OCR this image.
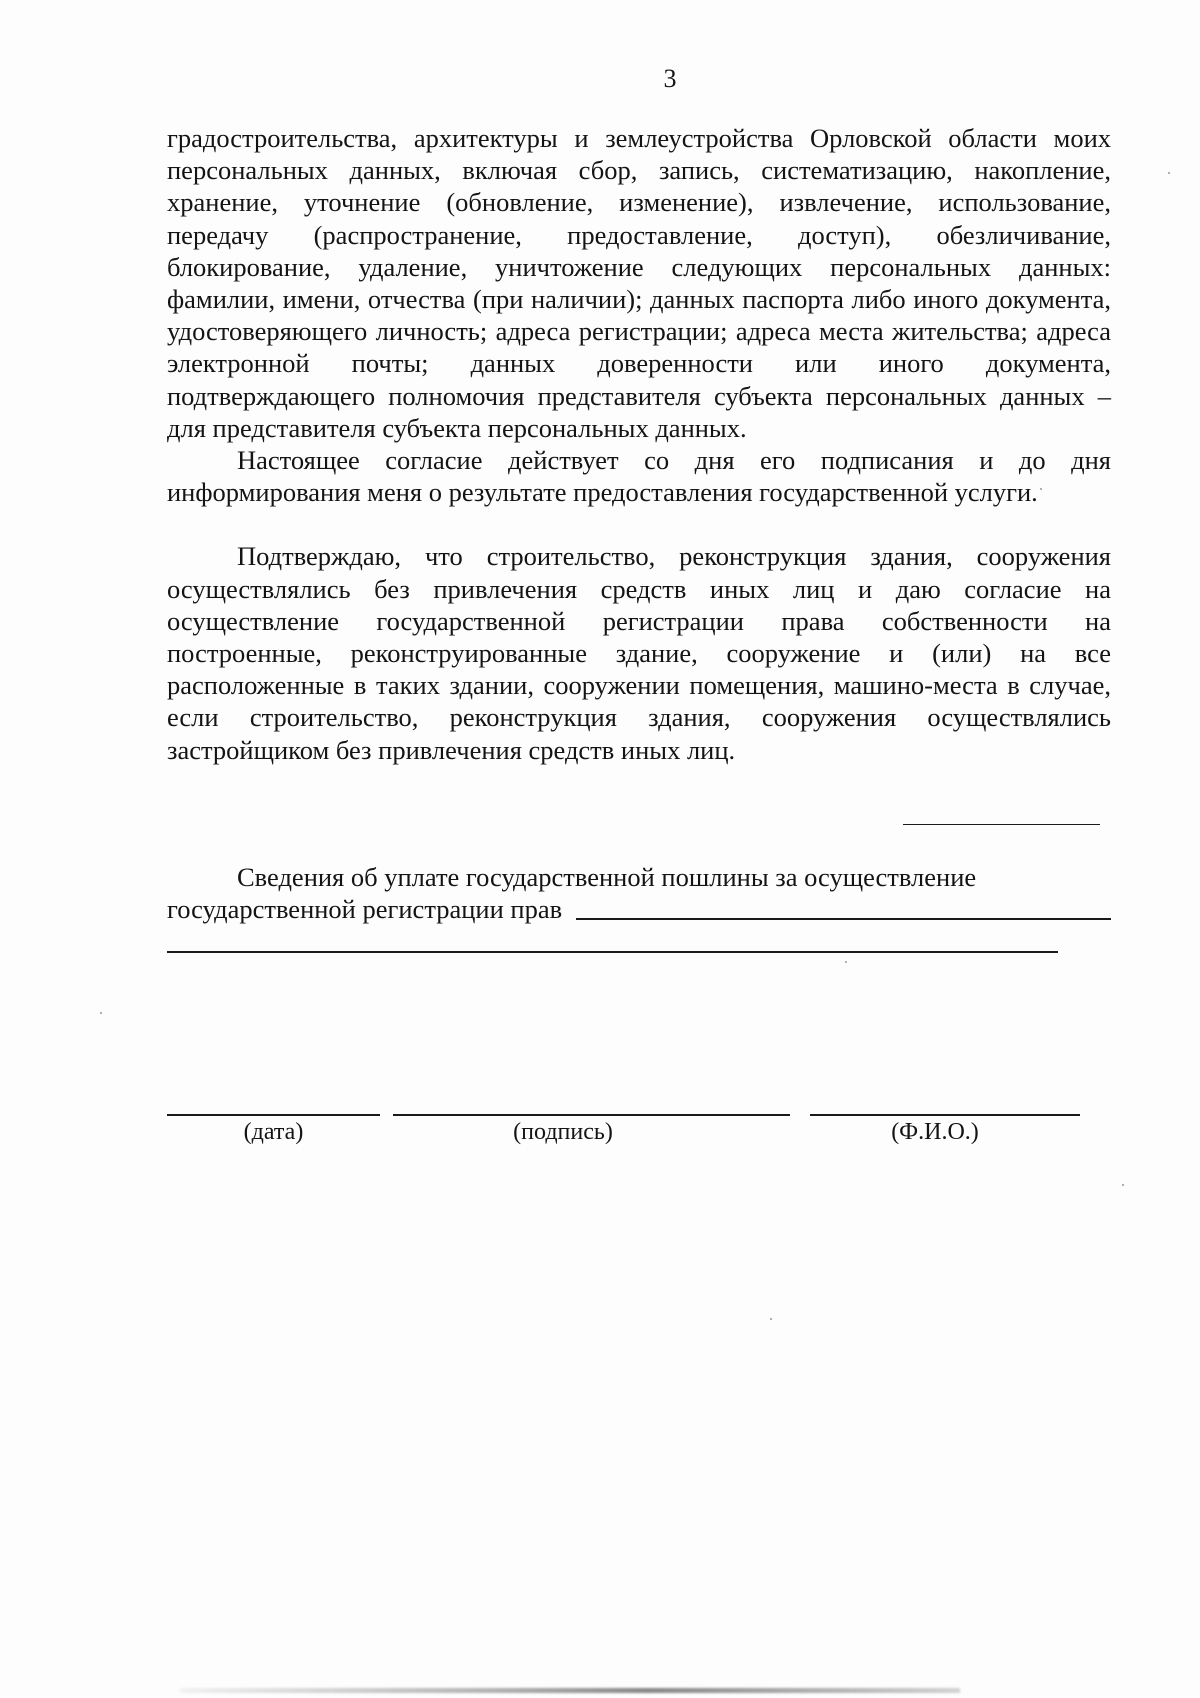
3

градостроительства, архитектуры и землеустройства Орловской области моих персональных данных, включая сбор, запись, систематизацию, накопление, хранение, уточнение (обновление, изменение), извлечение, использование, передачу (распространение, предоставление, доступ), обезличивание, блокирование, удаление, уничтожение следующих персональных данных: фамилии, имени, отчества (при наличии); данных паспорта либо иного документа, удостоверяющего личность; адреса регистрации; адреса места жительства; адреса электронной почты; данных доверенности или иного документа, подтверждающего полномочия представителя субъекта персональных данных – для представителя субъекта персональных данных.

Настоящее согласие действует со дня его подписания и до дня информирования меня о результате предоставления государственной услуги.

Подтверждаю, что строительство, реконструкция здания, сооружения осуществлялись без привлечения средств иных лиц и даю согласие на осуществление государственной регистрации права собственности на построенные, реконструированные здание, сооружение и (или) на все расположенные в таких здании, сооружении помещения, машино-места в случае, если строительство, реконструкция здания, сооружения осуществлялись застройщиком без привлечения средств иных лиц.

Сведения об уплате государственной пошлины за осуществление

государственной регистрации прав
(дата)	(подпись)	(Ф.И.О.)
